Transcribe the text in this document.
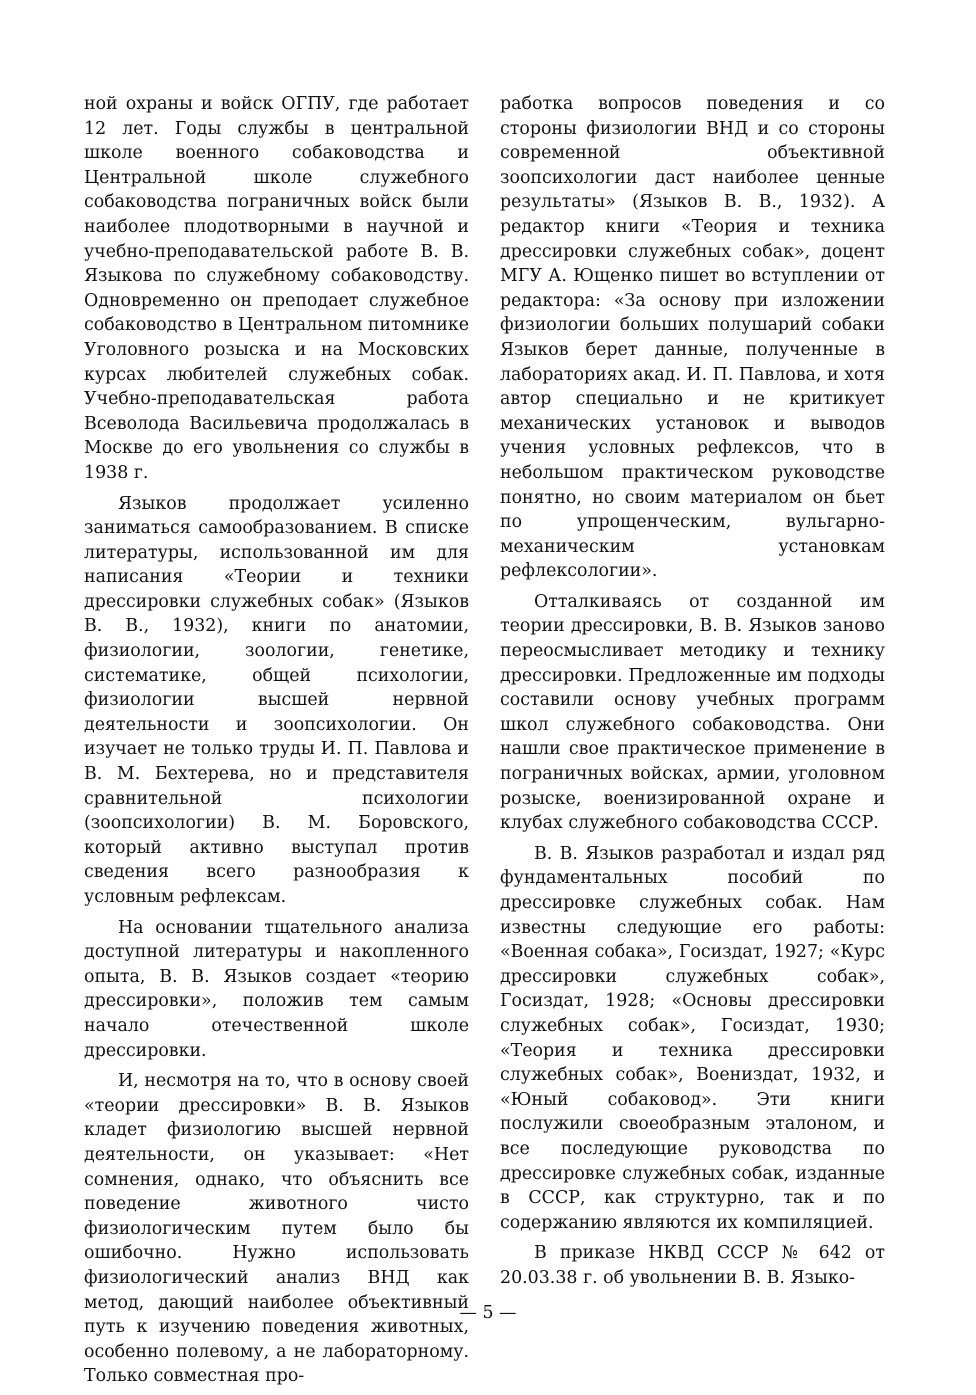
ной охраны и войск ОГПУ, где работает 12 лет. Годы службы в центральной школе военного собаководства и Центральной школе служебного собаководства пограничных войск были наиболее плодотворными в научной и учебно-преподавательской работе В. В. Языкова по служебному собаководству. Одновременно он преподает служебное собаководство в Центральном питомнике Уголовного розыска и на Московских курсах любителей служебных собак. Учебно-преподавательская работа Всеволода Васильевича продолжалась в Москве до его увольнения со службы в 1938 г.

Языков продолжает усиленно заниматься самообразованием. В списке литературы, использованной им для написания «Теории и техники дрессировки служебных собак» (Языков В. В., 1932), книги по анатомии, физиологии, зоологии, генетике, систематике, общей психологии, физиологии высшей нервной деятельности и зоопсихологии. Он изучает не только труды И. П. Павлова и В. М. Бехтерева, но и представителя сравнительной психологии (зоопсихологии) В. М. Боровского, который активно выступал против сведения всего разнообразия к условным рефлексам.

На основании тщательного анализа доступной литературы и накопленного опыта, В. В. Языков создает «теорию дрессировки», положив тем самым начало отечественной школе дрессировки.

И, несмотря на то, что в основу своей «теории дрессировки» В. В. Языков кладет физиологию высшей нервной деятельности, он указывает: «Нет сомнения, однако, что объяснить все поведение животного чисто физиологическим путем было бы ошибочно. Нужно использовать физиологический анализ ВНД как метод, дающий наиболее объективный путь к изучению поведения животных, особенно полевому, а не лабораторному. Только совместная про-

работка вопросов поведения и со стороны физиологии ВНД и со стороны современной объективной зоопсихологии даст наиболее ценные результаты» (Языков В. В., 1932). А редактор книги «Теория и техника дрессировки служебных собак», доцент МГУ А. Ющенко пишет во вступлении от редактора: «За основу при изложении физиологии больших полушарий собаки Языков берет данные, полученные в лабораториях акад. И. П. Павлова, и хотя автор специально и не критикует механических установок и выводов учения условных рефлексов, что в небольшом практическом руководстве понятно, но своим материалом он бьет по упрощенческим, вульгарно-механическим установкам рефлексологии».

Отталкиваясь от созданной им теории дрессировки, В. В. Языков заново переосмысливает методику и технику дрессировки. Предложенные им подходы составили основу учебных программ школ служебного собаководства. Они нашли свое практическое применение в пограничных войсках, армии, уголовном розыске, военизированной охране и клубах служебного собаководства СССР.

В. В. Языков разработал и издал ряд фундаментальных пособий по дрессировке служебных собак. Нам известны следующие его работы: «Военная собака», Госиздат, 1927; «Курс дрессировки служебных собак», Госиздат, 1928; «Основы дрессировки служебных собак», Госиздат, 1930; «Теория и техника дрессировки служебных собак», Воениздат, 1932, и «Юный собаковод». Эти книги послужили своеобразным эталоном, и все последующие руководства по дрессировке служебных собак, изданные в СССР, как структурно, так и по содержанию являются их компиляцией.

В приказе НКВД СССР № 642 от 20.03.38 г. об увольнении В. В. Языко-

— 5 —
